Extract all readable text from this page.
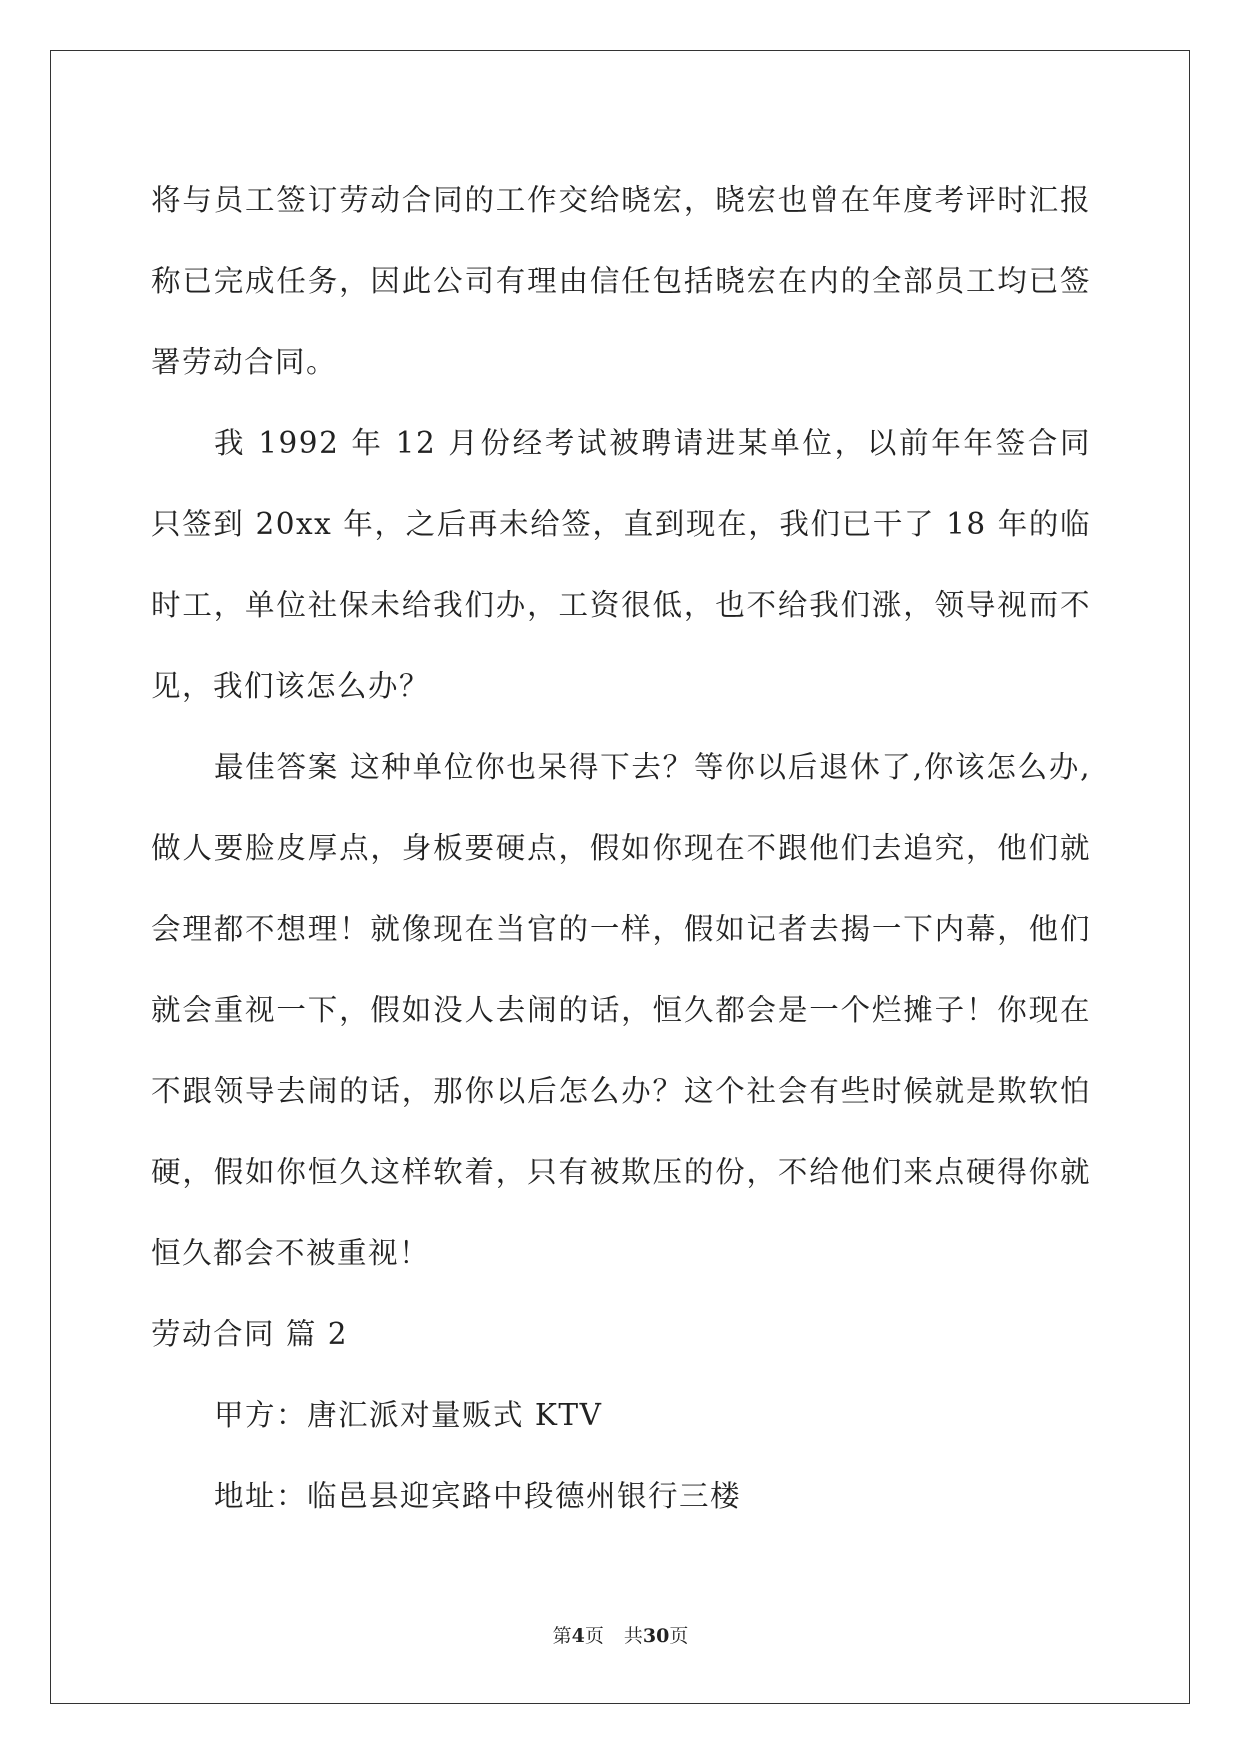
将与员工签订劳动合同的工作交给晓宏，晓宏也曾在年度考评时汇报称已完成任务，因此公司有理由信任包括晓宏在内的全部员工均已签署劳动合同。

我 1992 年 12 月份经考试被聘请进某单位，以前年年签合同只签到 20xx 年，之后再未给签，直到现在，我们已干了 18 年的临时工，单位社保未给我们办，工资很低，也不给我们涨，领导视而不见，我们该怎么办？

最佳答案 这种单位你也呆得下去？等你以后退休了,你该怎么办,做人要脸皮厚点，身板要硬点，假如你现在不跟他们去追究，他们就会理都不想理！就像现在当官的一样，假如记者去揭一下内幕，他们就会重视一下，假如没人去闹的话，恒久都会是一个烂摊子！你现在不跟领导去闹的话，那你以后怎么办？这个社会有些时候就是欺软怕硬，假如你恒久这样软着，只有被欺压的份，不给他们来点硬得你就恒久都会不被重视！

劳动合同 篇 2

甲方：唐汇派对量贩式 KTV

地址：临邑县迎宾路中段德州银行三楼

第4页 共30页
